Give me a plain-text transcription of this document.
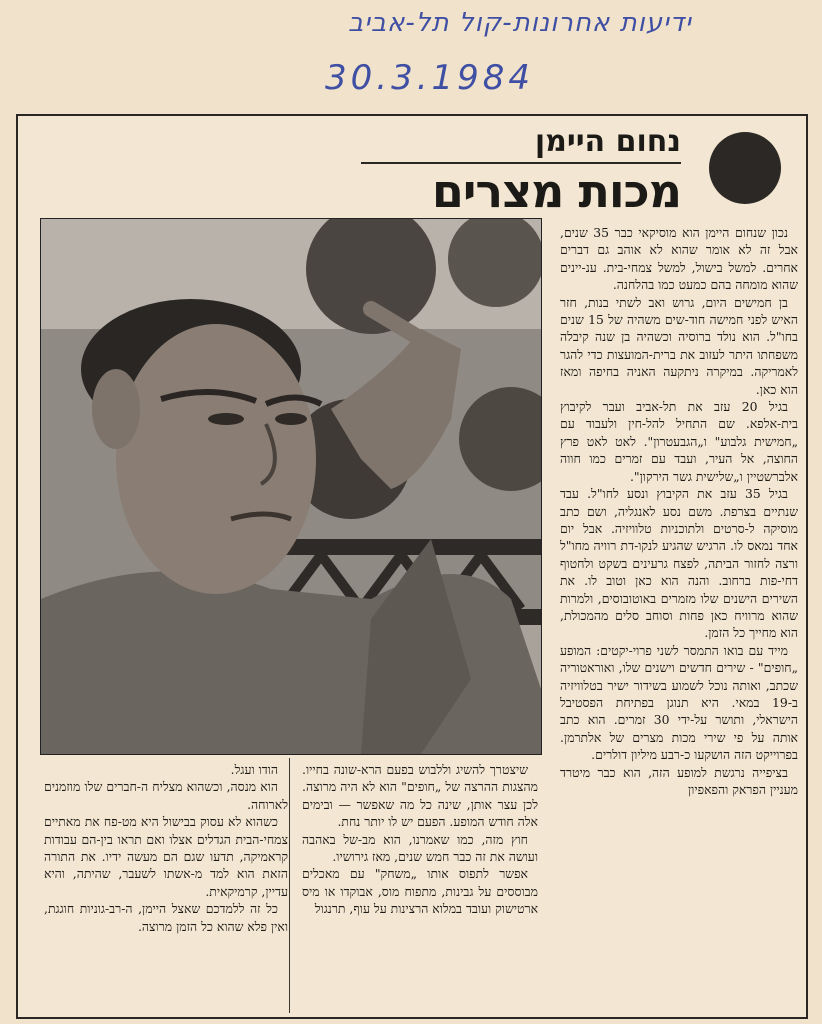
ידיעות אחרונות-קול תל-אביב
30.3.1984
נחום היימן
מכות מצרים

נכון שנחום היימן הוא מוסיקאי כבר 35 שנים, אבל זה לא אומר שהוא לא אוהב גם דברים אחרים. למשל בישול, למשל צמחי-בית. ענ-יינים שהוא מומחה בהם כמעט כמו בהלחנה.

בן חמישים היום, גרוש ואב לשתי בנות, חזר האיש לפני חמישה חוד-שים משהיה של 15 שנים בחו"ל. הוא נולד ברוסיה וכשהיה בן שנה קיבלה משפחתו היתר לעזוב את ברית-המועצות כדי להגר לאמריקה. במיקרה ניתקעה האניה בחיפה ומאז הוא כאן.

בגיל 20 עזב את תל-אביב ועבר לקיבוץ בית-אלפא. שם התחיל להל-חין ולעבוד עם „חמישית גלבוע" ו„הגבעטרון". לאט לאט פרץ החוצה, אל העיר, ועבד עם זמרים כמו חווה אלברשטיין ו„שלישית גשר הירקון".

בגיל 35 עזב את הקיבוץ ונסע לחו"ל. עבד שנתיים בצרפת. משם נסע לאנגליה, ושם כתב מוסיקה ל-סרטים ולתוכניות טלוויזיה. אבל יום אחד נמאס לו. הרגיש שהגיע לנקו-דת רוויה מחו"ל ורצה לחזור הביתה, לפצח גרעינים בשקט ולחטוף דחי-פות ברחוב. והנה הוא כאן וטוב לו. את השירים הישנים שלו מזמרים באוטובוסים, ולמרות שהוא מרוויח כאן פחות וסוחב סלים מהמכולת, הוא מחייך כל הזמן.

מייד עם בואו התמסר לשני פרוי-יקטים: המופע „חופים" - שירים חדשים וישנים שלו, ואוראטוריה שכתב, ואותה נוכל לשמוע בשידור ישיר בטלוויזיה ב-19 במאי. היא תנוגן בפתיחת הפסטיבל הישראלי, ותושר על-ידי 30 זמרים. הוא כתב אותה על פי שירי מכות מצרים של אלתרמן. בפרוייקט הזה הושקעו כ-רבע מיליון דולרים.

בציפייה נרגשת למופע הזה, הוא כבר מיטרד מעניין הפראק והפאפיון

שיצטרך להשיג וללבוש בפעם הרא-שונה בחייו. מהצגות ההרצה של „חופים" הוא לא היה מרוצה. לכן עצר אותן, שינה כל מה שאפשר — ובימים אלה חודש המופע. הפעם יש לו יותר נחת.

חוץ מזה, כמו שאמרנו, הוא מב-של באהבה ועושה את זה כבר חמש שנים, מאז גירושיו.

אפשר לתפוס אותו „משחק" עם מאכלים מבוססים על גבינות, מתפוח מוס, אבוקדו או מיס ארטישוק ועובד במלוא הרצינות על עוף, תרנגול

הודו ועגל.

הוא מנסה, וכשהוא מצליח ה-חברים שלו מוזמנים לארוחה.

כשהוא לא עסוק בבישול היא מט-פח את מאתיים צמחי-הבית הגדלים אצלו ואם תראו בין-הם עבודות קראמיקה, תדעו שגם הם מעשה ידיו. את התורה הזאת הוא למד מ-אשתו לשעבר, שהיתה, והיא עדיין, קרמיקאית.

כל זה ללמדכם שאצל היימן, ה-רב-גוניות חוגגת, ואין פלא שהוא כל הזמן מרוצה.
